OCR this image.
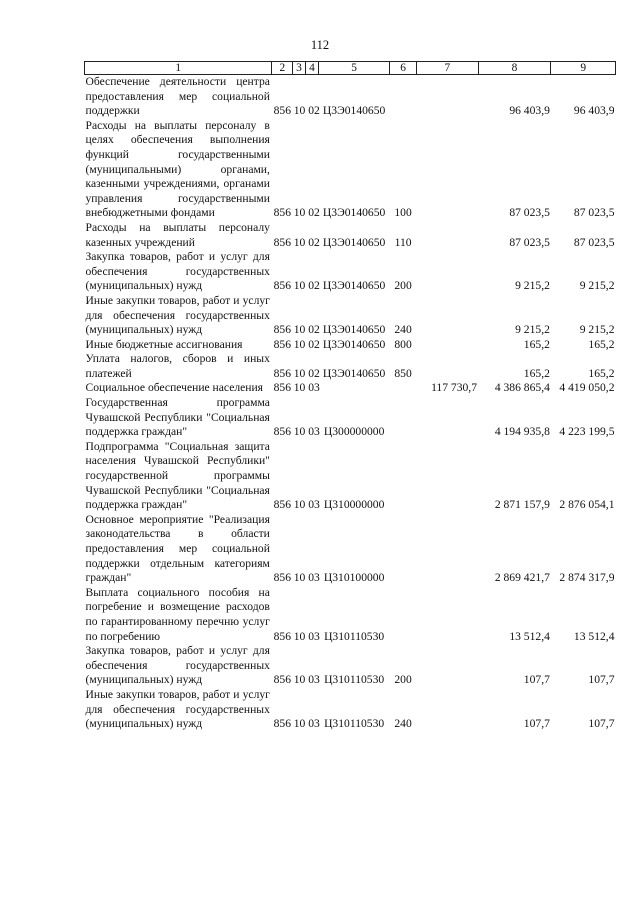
112
1	2	3	4	5	6	7	8	9
Обеспечение деятельности центра предоставления мер социальной поддержки	856	10 02		Ц3Э0140650			96 403,9	96 403,9
Расходы на выплаты персоналу в целях обеспечения выполнения функций государственными (муниципальными) органами, казенными учреждениями, органами управления государственными внебюджетными фондами	856	10 02		Ц3Э0140650	100		87 023,5	87 023,5
Расходы на выплаты персоналу казенных учреждений	856	10 02		Ц3Э0140650	110		87 023,5	87 023,5
Закупка товаров, работ и услуг для обеспечения государственных (муниципальных) нужд	856	10 02		Ц3Э0140650	200		9 215,2	9 215,2
Иные закупки товаров, работ и услуг для обеспечения государственных (муниципальных) нужд	856	10 02		Ц3Э0140650	240		9 215,2	9 215,2
Иные бюджетные ассигнования	856	10 02		Ц3Э0140650	800		165,2	165,2
Уплата налогов, сборов и иных платежей	856	10 02		Ц3Э0140650	850		165,2	165,2
Социальное обеспечение населения	856	10 03				117 730,7	4 386 865,4	4 419 050,2
Государственная программа Чувашской Республики "Социальная поддержка граждан"	856	10 03		Ц300000000			4 194 935,8	4 223 199,5
Подпрограмма "Социальная защита населения Чувашской Республики" государственной программы Чувашской Республики "Социальная поддержка граждан"	856	10 03		Ц310000000			2 871 157,9	2 876 054,1
Основное мероприятие "Реализация законодательства в области предоставления мер социальной поддержки отдельным категориям граждан"	856	10 03		Ц310100000			2 869 421,7	2 874 317,9
Выплата социального пособия на погребение и возмещение расходов по гарантированному перечню услуг по погребению	856	10 03		Ц310110530			13 512,4	13 512,4
Закупка товаров, работ и услуг для обеспечения государственных (муниципальных) нужд	856	10 03		Ц310110530	200		107,7	107,7
Иные закупки товаров, работ и услуг для обеспечения государственных (муниципальных) нужд	856	10 03		Ц310110530	240		107,7	107,7
